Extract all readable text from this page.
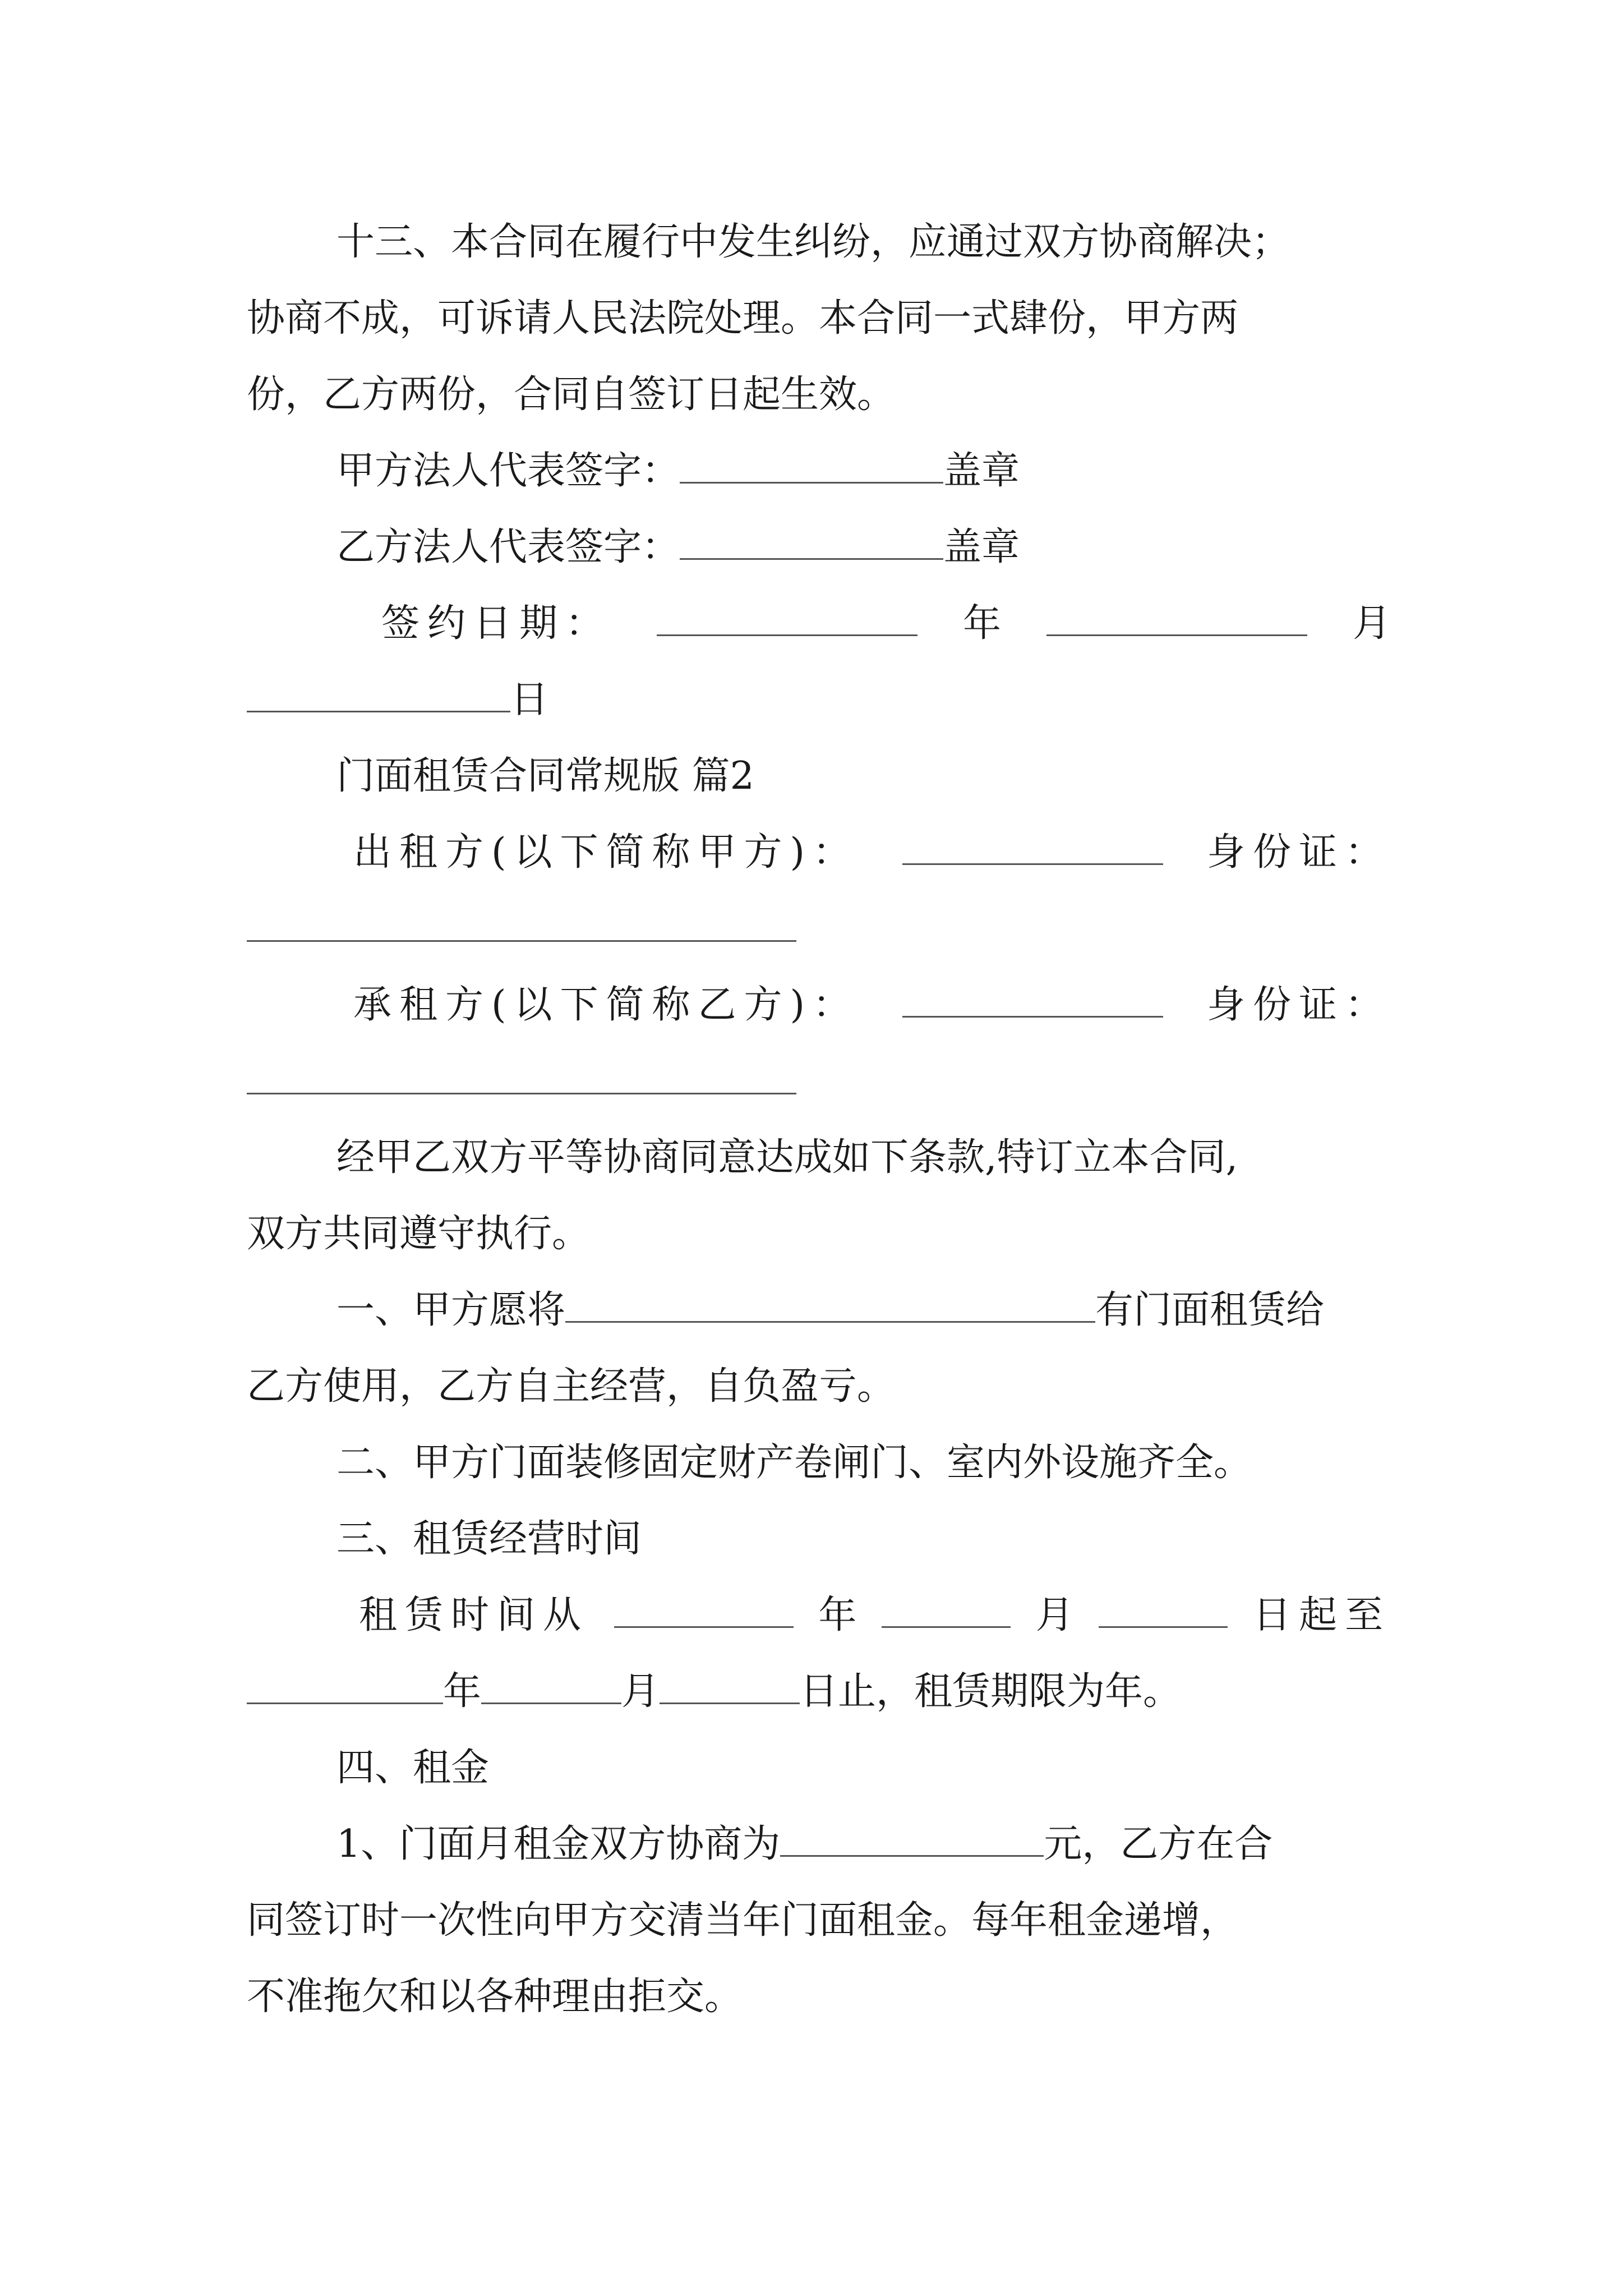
十三、本合同在履行中发生纠纷，应通过双方协商解决；
协商不成，可诉请人民法院处理。本合同一式肆份，甲方两
份，乙方两份，合同自签订日起生效。
甲方法人代表签字：	盖章
乙方法人代表签字：	盖章
签约日期：	年	月
日
门面租赁合同常规版 篇2
出租方(以下简称甲方)：	身份证：
承租方(以下简称乙方)：	身份证：
经甲乙双方平等协商同意达成如下条款,特订立本合同,
双方共同遵守执行。
一、甲方愿将	有门面租赁给
乙方使用，乙方自主经营，自负盈亏。
二、甲方门面装修固定财产卷闸门、室内外设施齐全。
三、租赁经营时间
租赁时间从	年	月	日起至
年	月	日止，租赁期限为年。
四、租金
1、门面月租金双方协商为	元，乙方在合
同签订时一次性向甲方交清当年门面租金。每年租金递增，
不准拖欠和以各种理由拒交。
